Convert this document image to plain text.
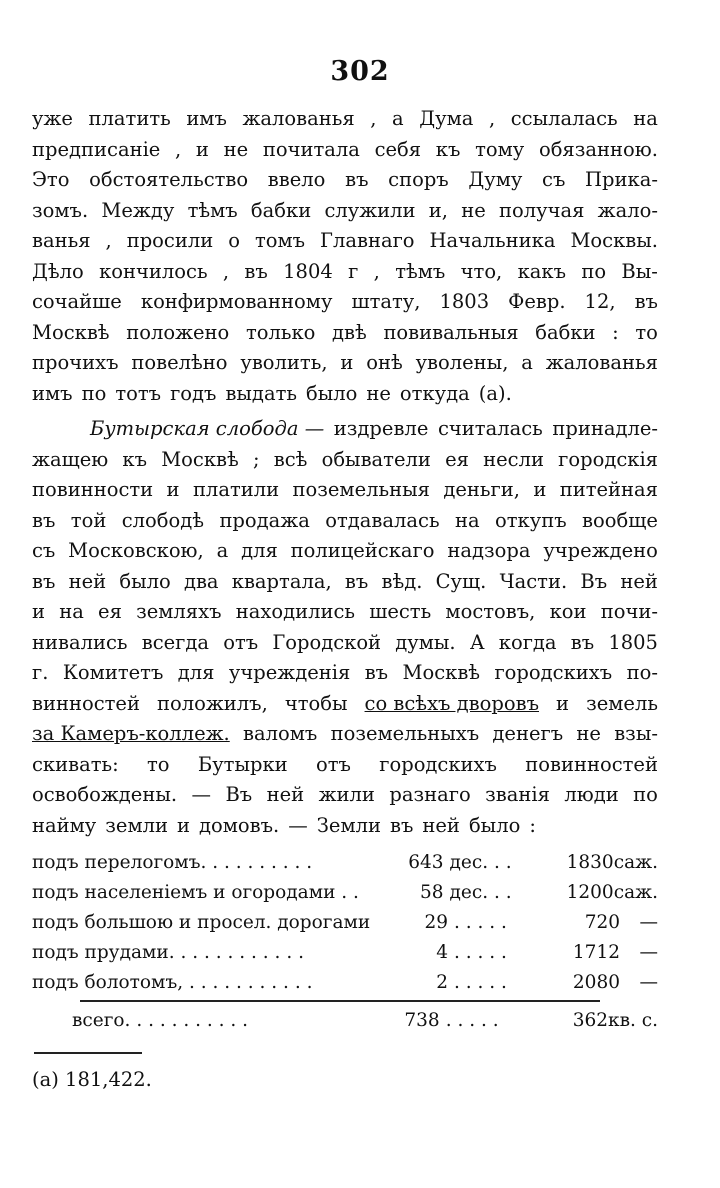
302
уже платить имъ жалованья , а Дума , ссылалась на
предписаніе , и не почитала себя къ тому обязанною.
Это обстоятельство ввело въ споръ Думу съ Прика-
зомъ. Между тѣмъ бабки служили и, не получая жало-
ванья , просили о томъ Главнаго Начальника Москвы.
Дѣло кончилось , въ 1804 г , тѣмъ что, какъ по Вы-
сочайше конфирмованному штату, 1803 Февр. 12, въ
Москвѣ положено только двѣ повивальныя бабки : то
прочихъ повелѣно уволить, и онѣ уволены, а жалованья
имъ по тотъ годъ выдать было не откуда (а).
Бутырская слобода — издревле считалась принадле-
жащею къ Москвѣ ; всѣ обыватели ея несли городскія
повинности и платили поземельныя деньги, и питейная
въ той слободѣ продажа отдавалась на откупъ вообще
съ Московскою, а для полицейскаго надзора учреждено
въ ней было два квартала, въ вѣд. Сущ. Части. Въ ней
и на ея земляхъ находились шесть мостовъ, кои почи-
нивались всегда отъ Городской думы. А когда въ 1805
г. Комитетъ для учрежденія въ Москвѣ городскихъ по-
винностей положилъ, чтобы со всѣхъ дворовъ и земель
за Камеръ-коллеж. валомъ поземельныхъ денегъ не взы-
скивать: то Бутырки отъ городскихъ повинностей
освобождены. — Въ ней жили разнаго званія люди по
найму земли и домовъ. — Земли въ ней было :
подъ перелогомъ. . . . . . . . . .	643 дес. . .	1830 саж.
подъ населеніемъ и огородами . .	58 дес. . .	1200 саж.
подъ большою и просел. дорогами	29 . . . . .	720	—
подъ прудами. . . . . . . . . . . .	4 . . . . .	1712	—
подъ болотомъ, . . . . . . . . . . .	2 . . . . .	2080	—
всего. . . . . . . . . . .	738 . . . . .	362 кв. с.
(а) 181,422.
